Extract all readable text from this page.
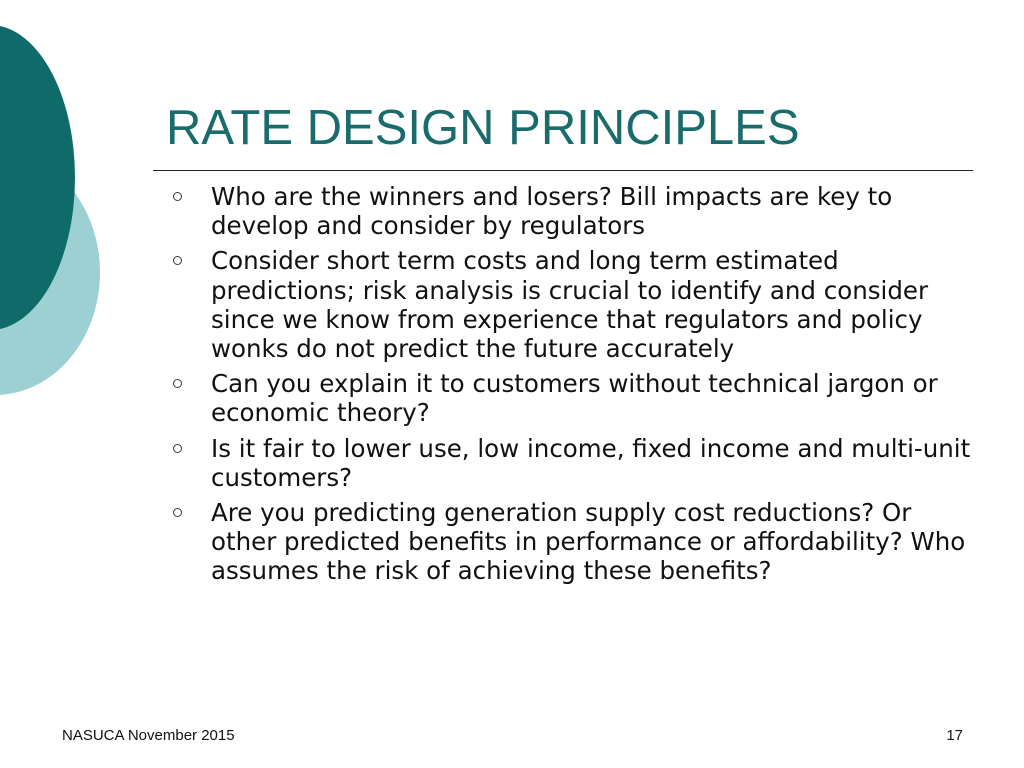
RATE DESIGN PRINCIPLES
Who are the winners and losers? Bill impacts are key to develop and consider by regulators
Consider short term costs and long term estimated predictions; risk analysis is crucial to identify and consider since we know from experience that regulators and policy wonks do not predict the future accurately
Can you explain it to customers without technical jargon or economic theory?
Is it fair to lower use, low income, fixed income and multi-unit customers?
Are you predicting generation supply cost reductions? Or other predicted benefits in performance or affordability? Who assumes the risk of achieving these benefits?
NASUCA November 2015	17
